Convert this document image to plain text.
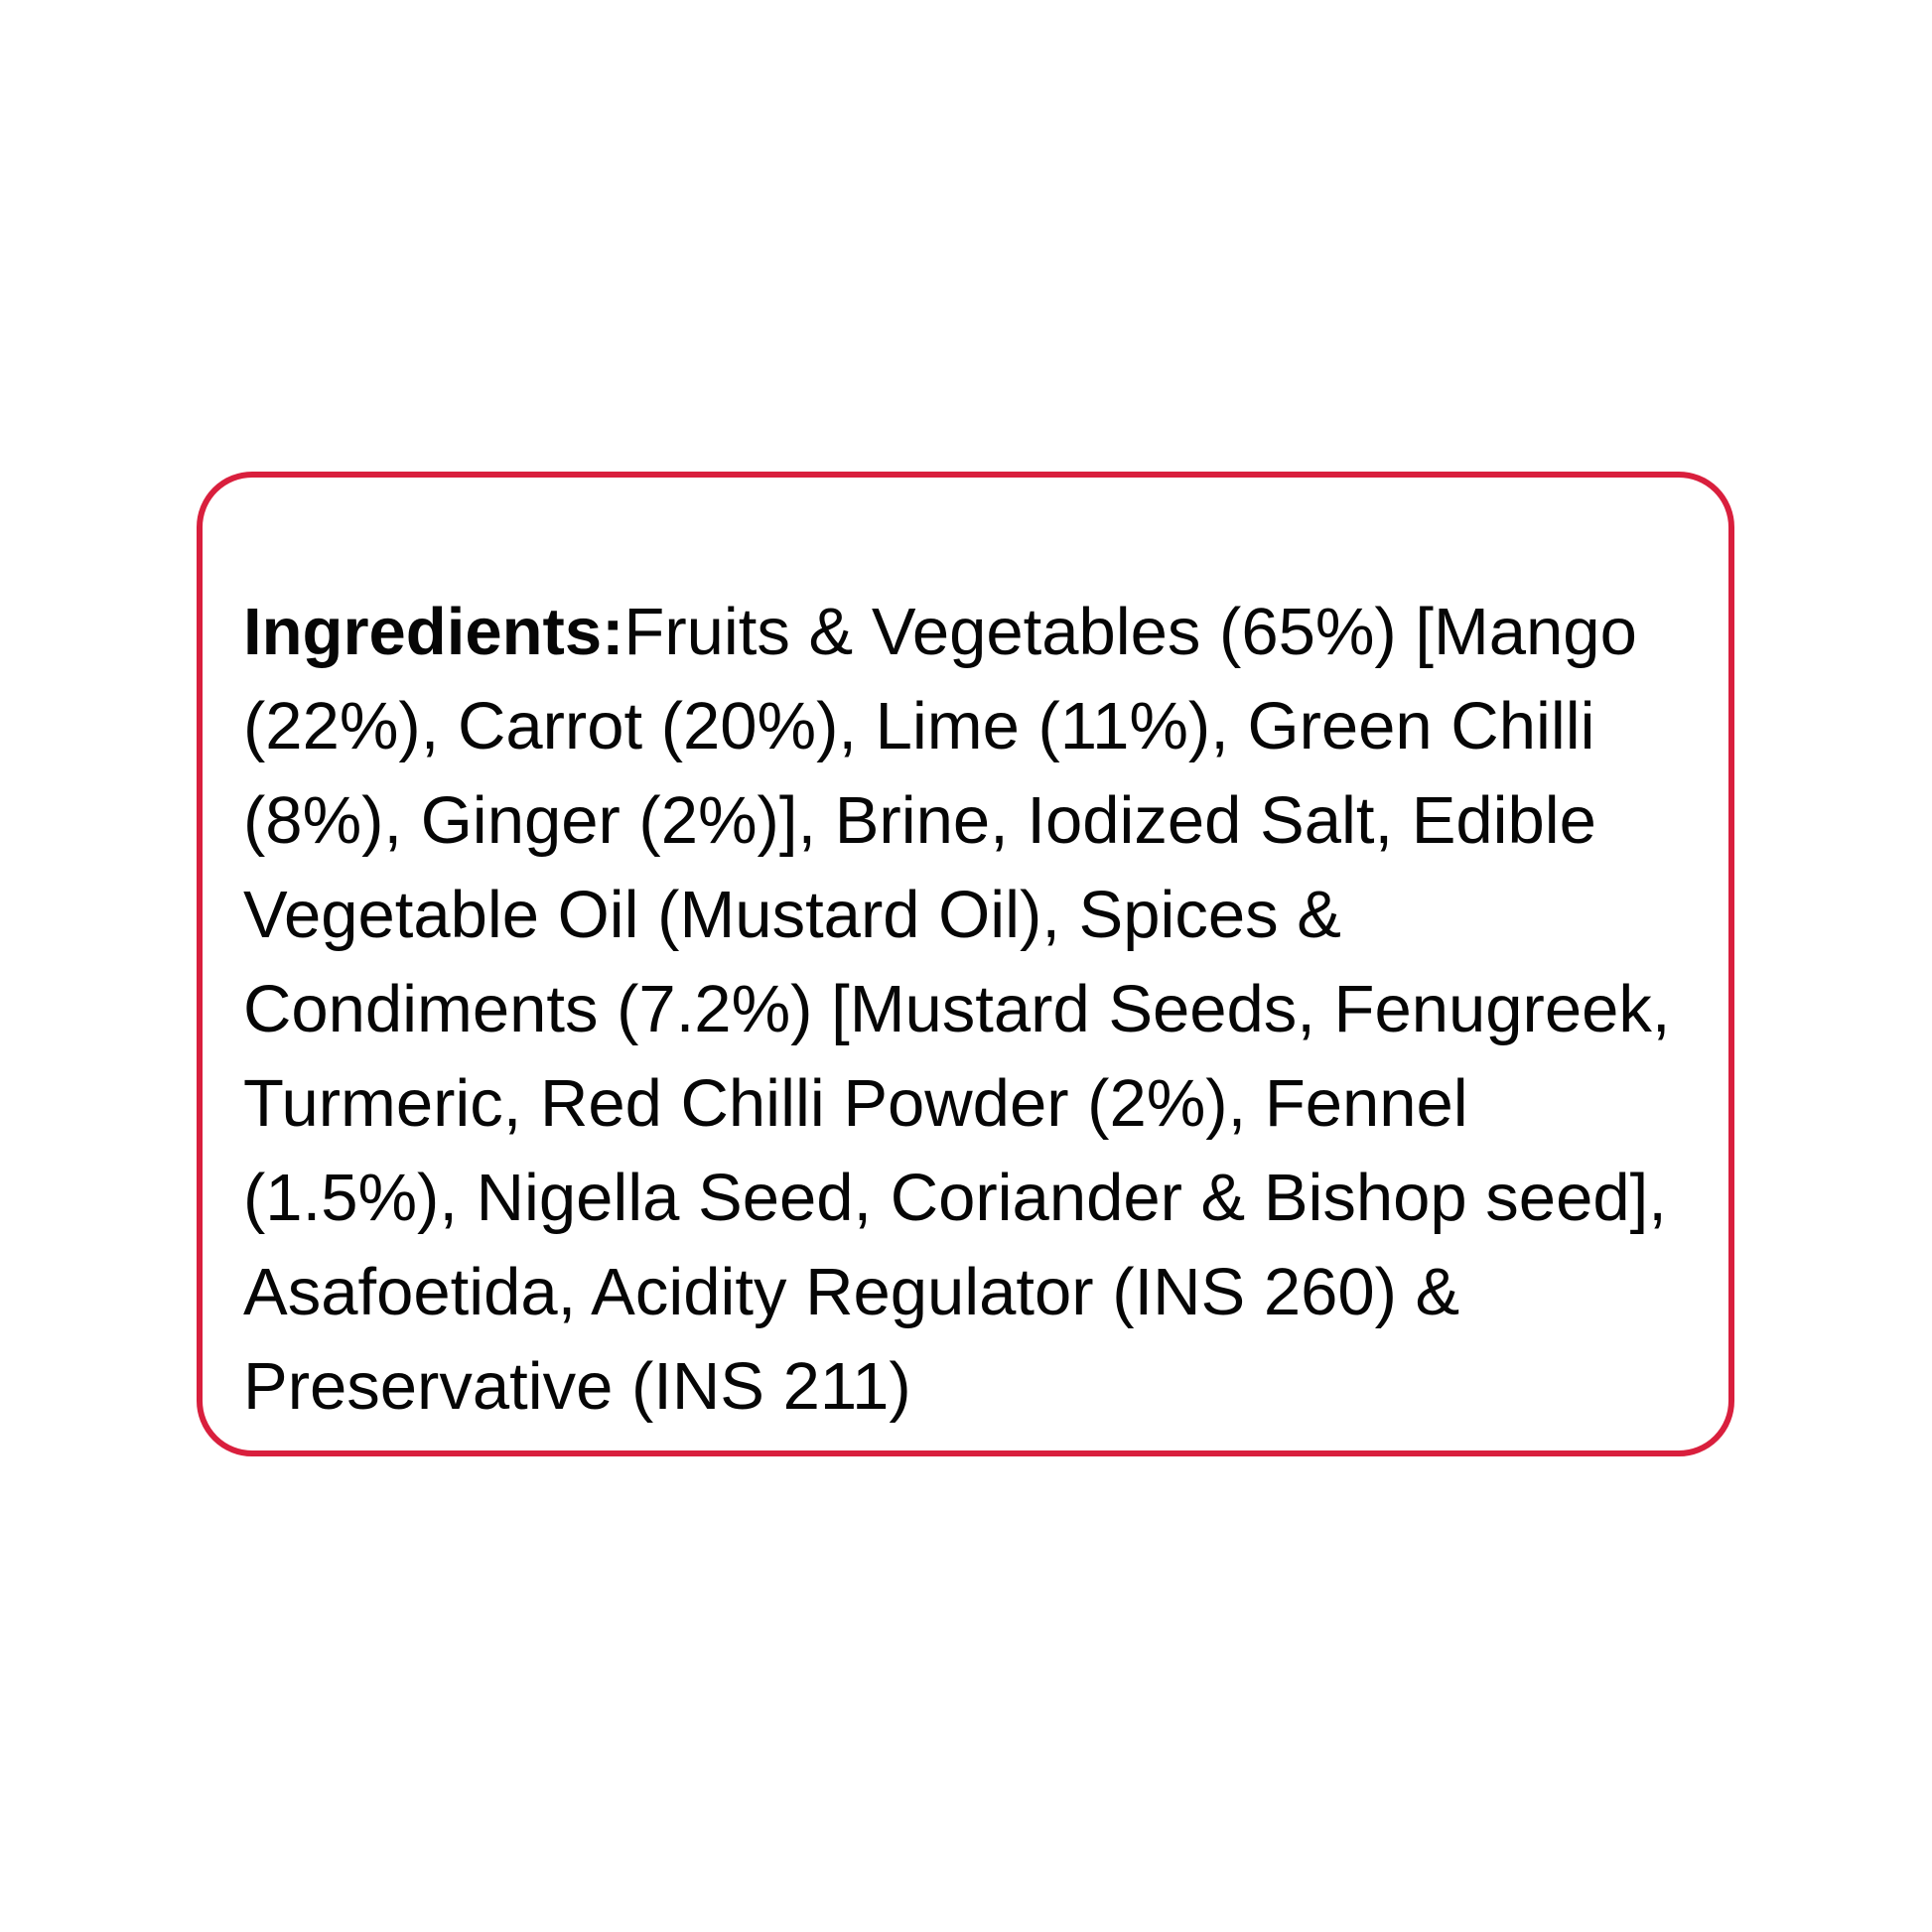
Ingredients:Fruits & Vegetables (65%) [Mango

(22%), Carrot (20%), Lime (11%), Green Chilli

(8%), Ginger (2%)], Brine, Iodized Salt, Edible

Vegetable Oil (Mustard Oil), Spices &

Condiments (7.2%) [Mustard Seeds, Fenugreek,

Turmeric, Red Chilli Powder (2%), Fennel

(1.5%), Nigella Seed, Coriander & Bishop seed],

Asafoetida, Acidity Regulator (INS 260) &

Preservative (INS 211)
